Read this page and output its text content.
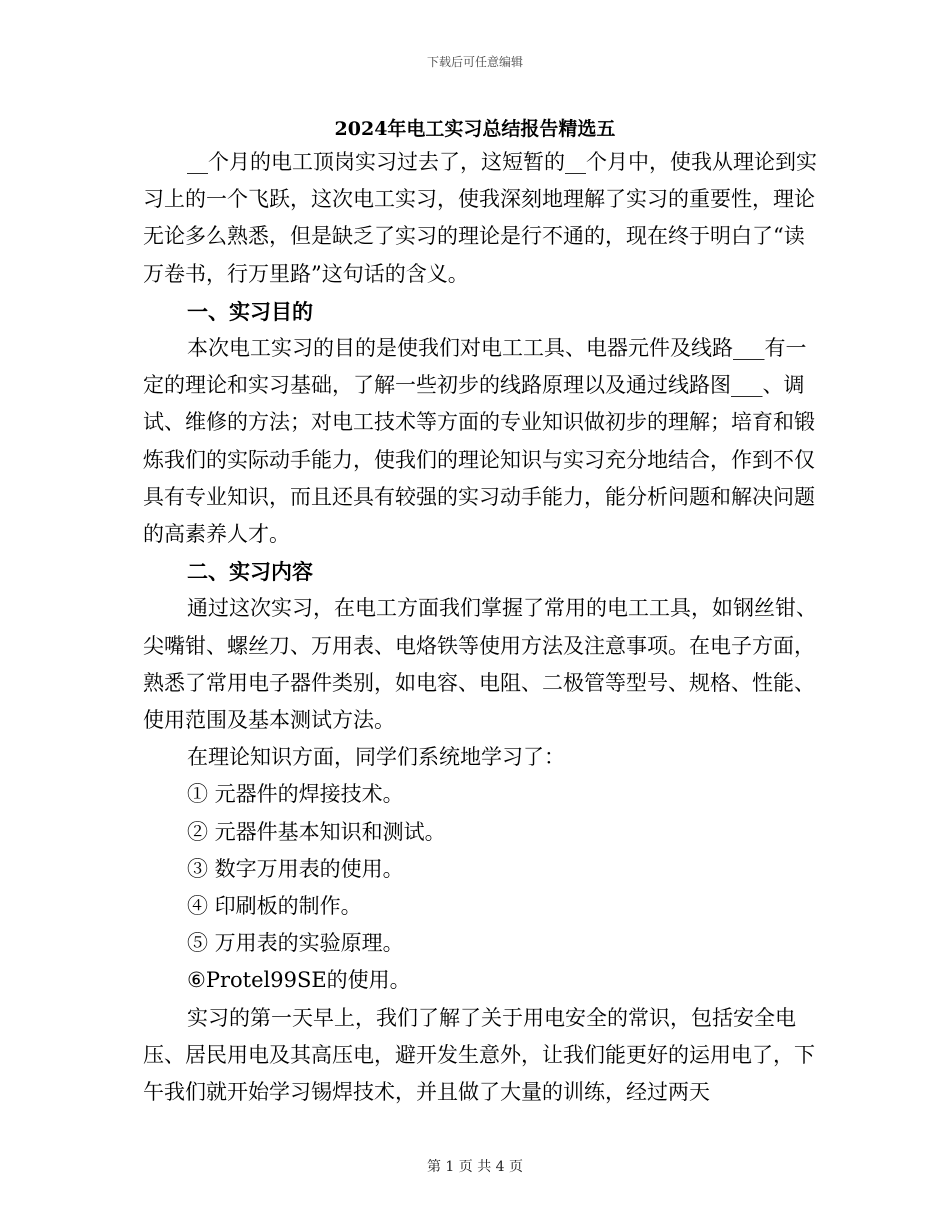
下载后可任意编辑
2024年电工实习总结报告精选五

__个月的电工顶岗实习过去了，这短暂的__个月中，使我从理论到实习上的一个飞跃，这次电工实习，使我深刻地理解了实习的重要性，理论无论多么熟悉，但是缺乏了实习的理论是行不通的，现在终于明白了“读万卷书，行万里路”这句话的含义。

一、实习目的

本次电工实习的目的是使我们对电工工具、电器元件及线路___有一定的理论和实习基础，了解一些初步的线路原理以及通过线路图___、调试、维修的方法；对电工技术等方面的专业知识做初步的理解；培育和锻炼我们的实际动手能力，使我们的理论知识与实习充分地结合，作到不仅具有专业知识，而且还具有较强的实习动手能力，能分析问题和解决问题的高素养人才。

二、实习内容

通过这次实习，在电工方面我们掌握了常用的电工工具，如钢丝钳、尖嘴钳、螺丝刀、万用表、电烙铁等使用方法及注意事项。在电子方面，熟悉了常用电子器件类别，如电容、电阻、二极管等型号、规格、性能、使用范围及基本测试方法。

在理论知识方面，同学们系统地学习了：

① 元器件的焊接技术。

② 元器件基本知识和测试。

③ 数字万用表的使用。

④ 印刷板的制作。

⑤ 万用表的实验原理。

⑥Protel99SE的使用。

实习的第一天早上，我们了解了关于用电安全的常识，包括安全电压、居民用电及其高压电，避开发生意外，让我们能更好的运用电了，下午我们就开始学习锡焊技术，并且做了大量的训练，经过两天

第 1 页 共 4 页
